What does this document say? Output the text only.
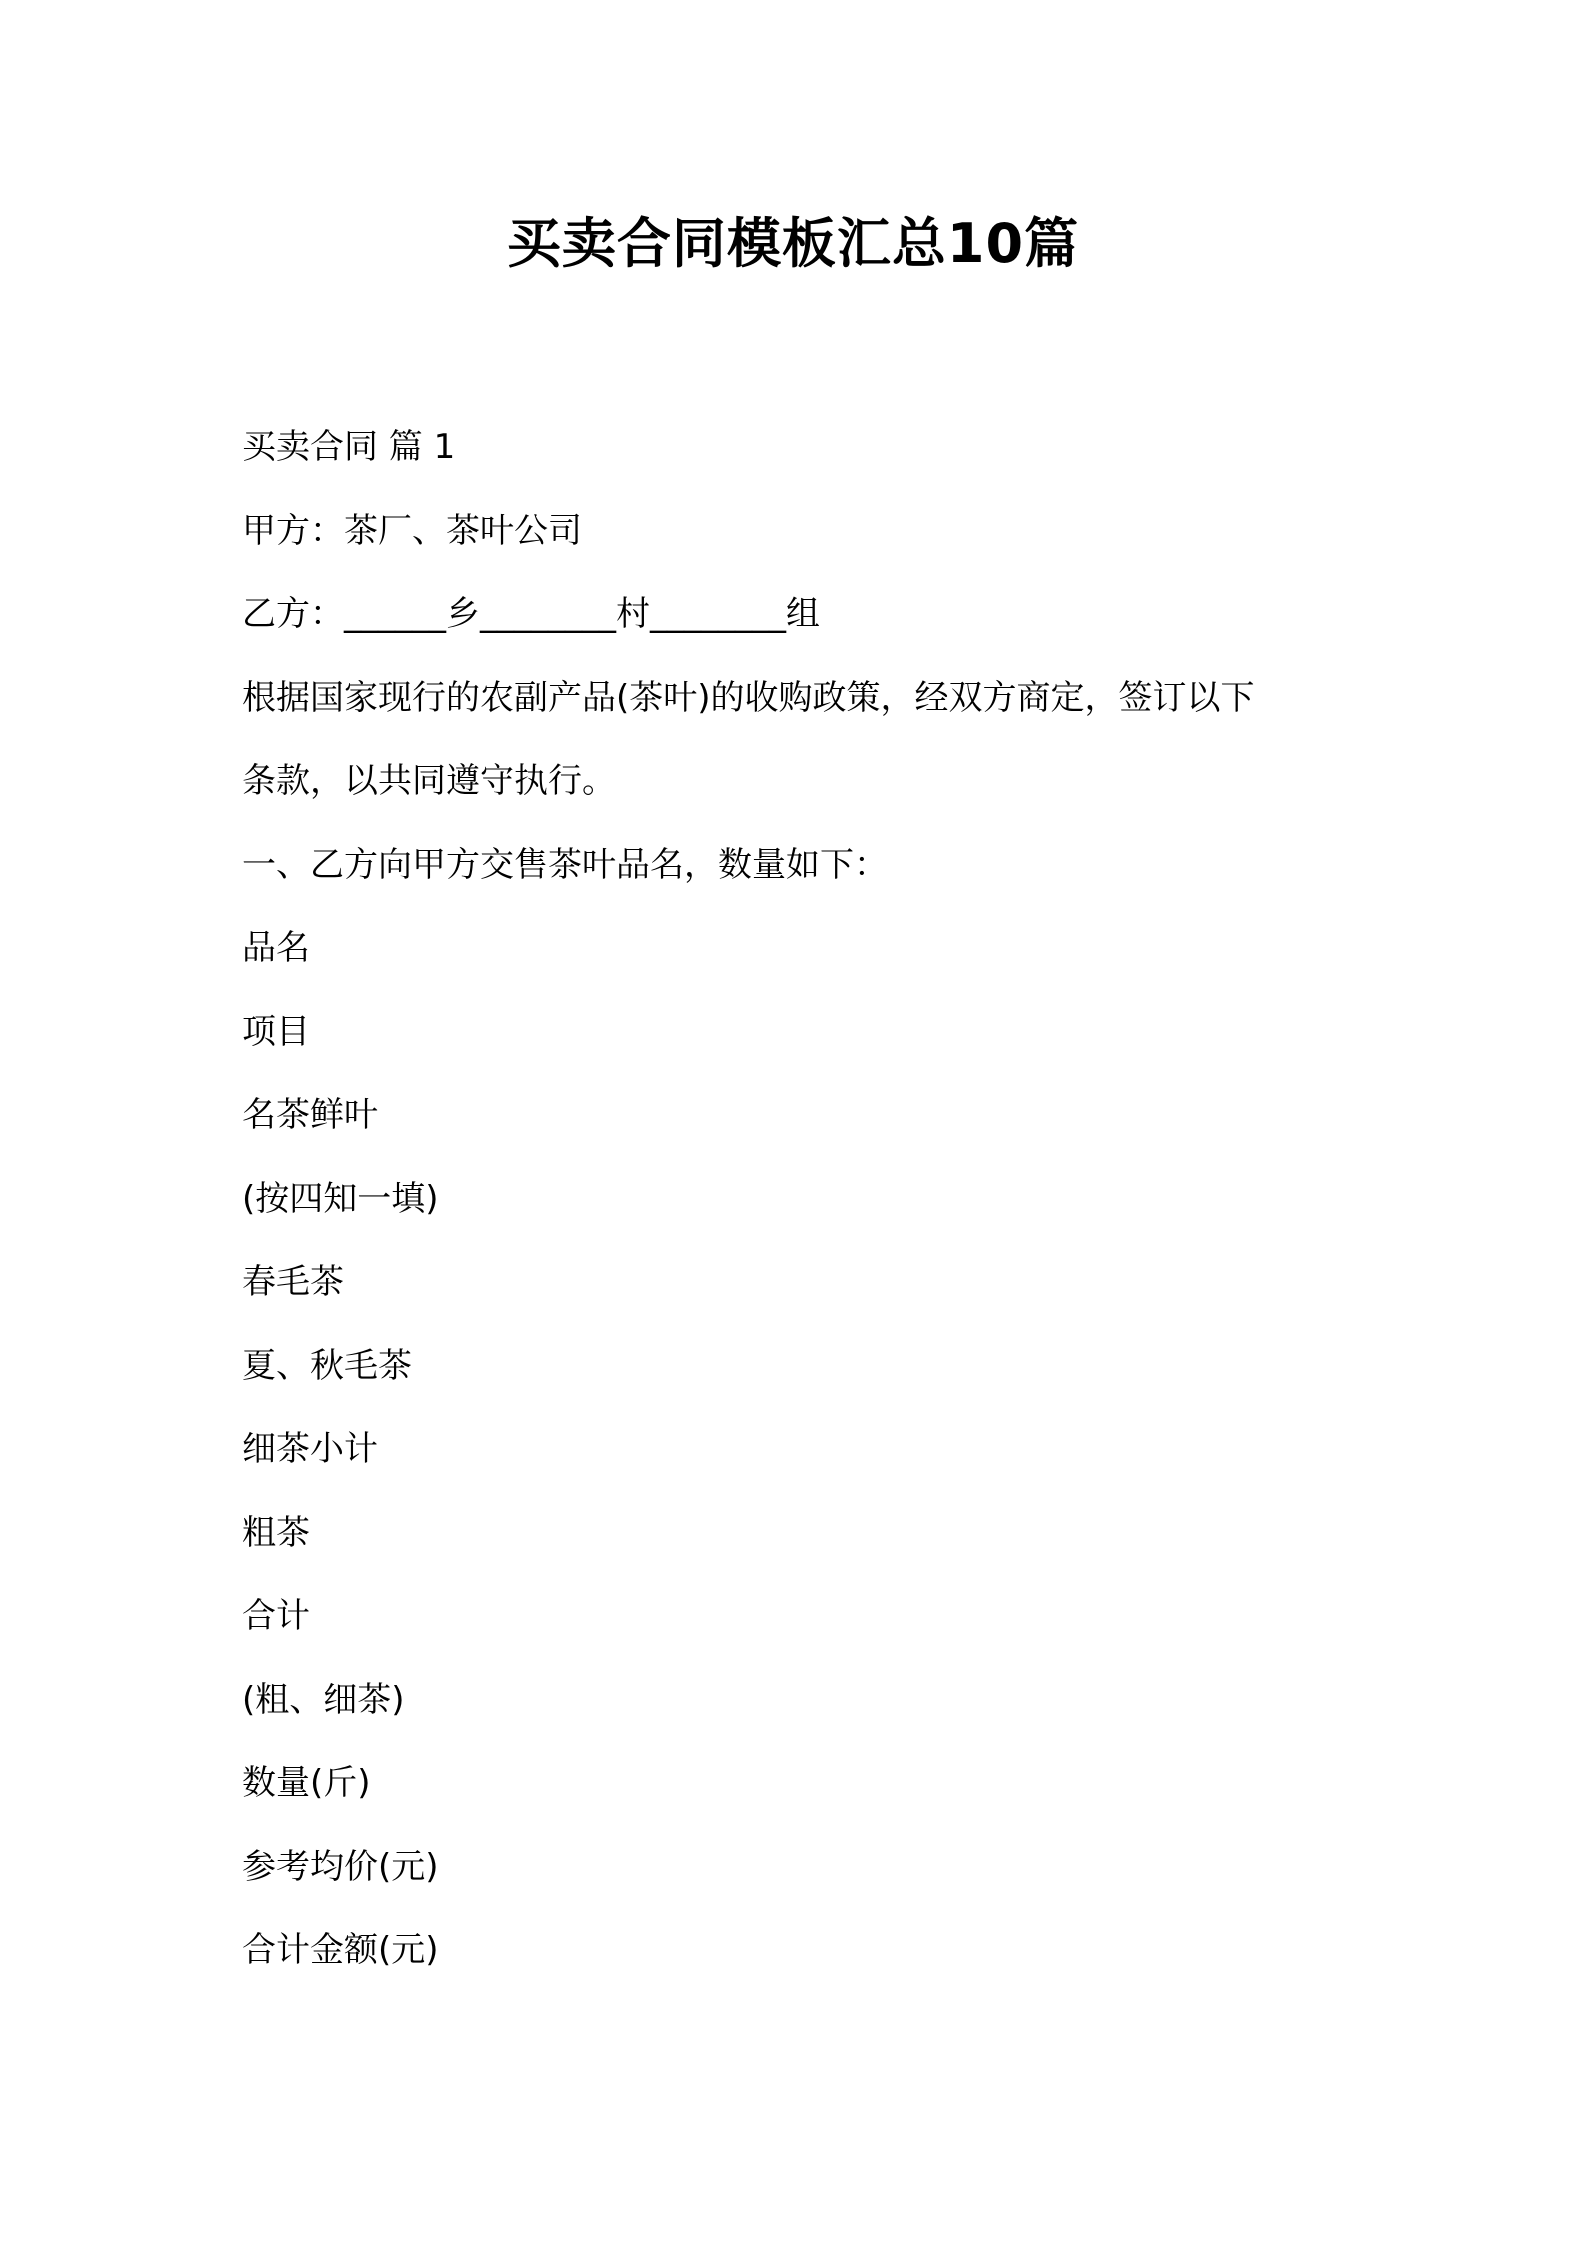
买卖合同模板汇总10篇
买卖合同 篇 1
甲方：茶厂、茶叶公司
乙方：______乡________村________组
根据国家现行的农副产品(茶叶)的收购政策，经双方商定，签订以下
条款，以共同遵守执行。
一、乙方向甲方交售茶叶品名，数量如下：
品名
项目
名茶鲜叶
(按四知一填)
春毛茶
夏、秋毛茶
细茶小计
粗茶
合计
(粗、细茶)
数量(斤)
参考均价(元)
合计金额(元)
